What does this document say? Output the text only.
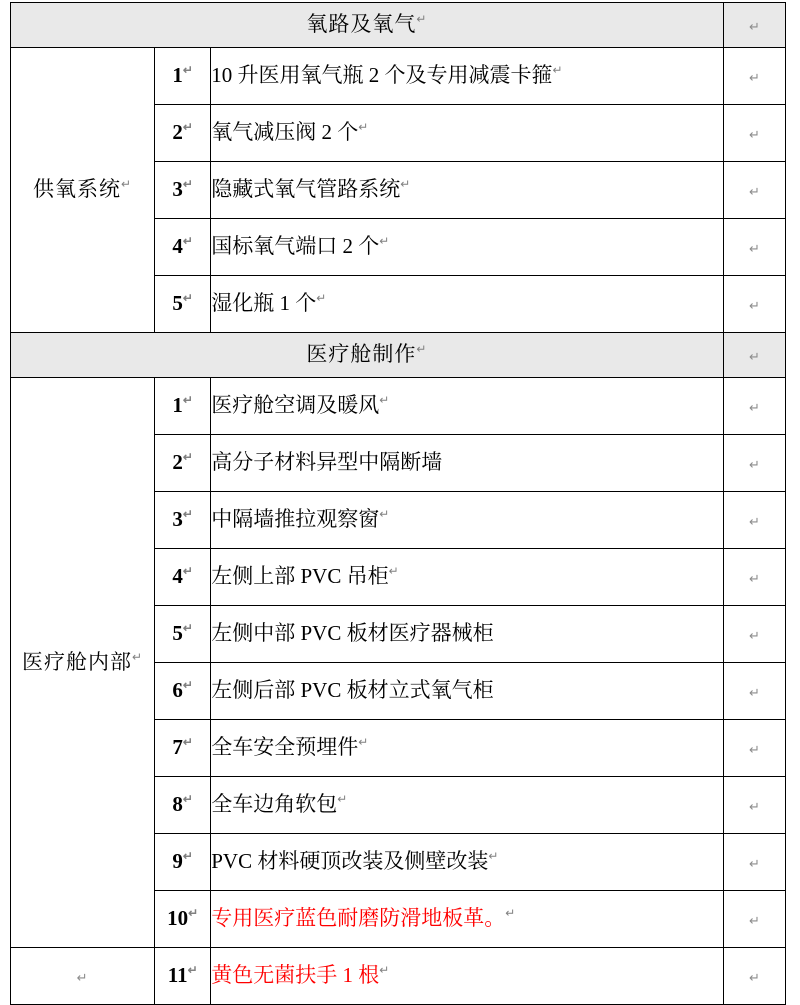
氧路及氧气↵			↵
供氧系统↵	1↵	10 升医用氧气瓶 2 个及专用减震卡箍↵	↵
	2↵	氧气减压阀 2 个↵	↵
	3↵	隐藏式氧气管路系统↵	↵
	4↵	国标氧气端口 2 个↵	↵
	5↵	湿化瓶 1 个↵	↵
医疗舱制作↵			↵
医疗舱内部↵	1↵	医疗舱空调及暖风↵	↵
	2↵	高分子材料异型中隔断墙	↵
	3↵	中隔墙推拉观察窗↵	↵
	4↵	左侧上部 PVC 吊柜↵	↵
	5↵	左侧中部 PVC 板材医疗器械柜	↵
	6↵	左侧后部 PVC 板材立式氧气柜	↵
	7↵	全车安全预埋件↵	↵
	8↵	全车边角软包↵	↵
	9↵	PVC 材料硬顶改装及侧壁改装↵	↵
	10↵	专用医疗蓝色耐磨防滑地板革。↵	↵
↵	11↵	黄色无菌扶手 1 根↵	↵
